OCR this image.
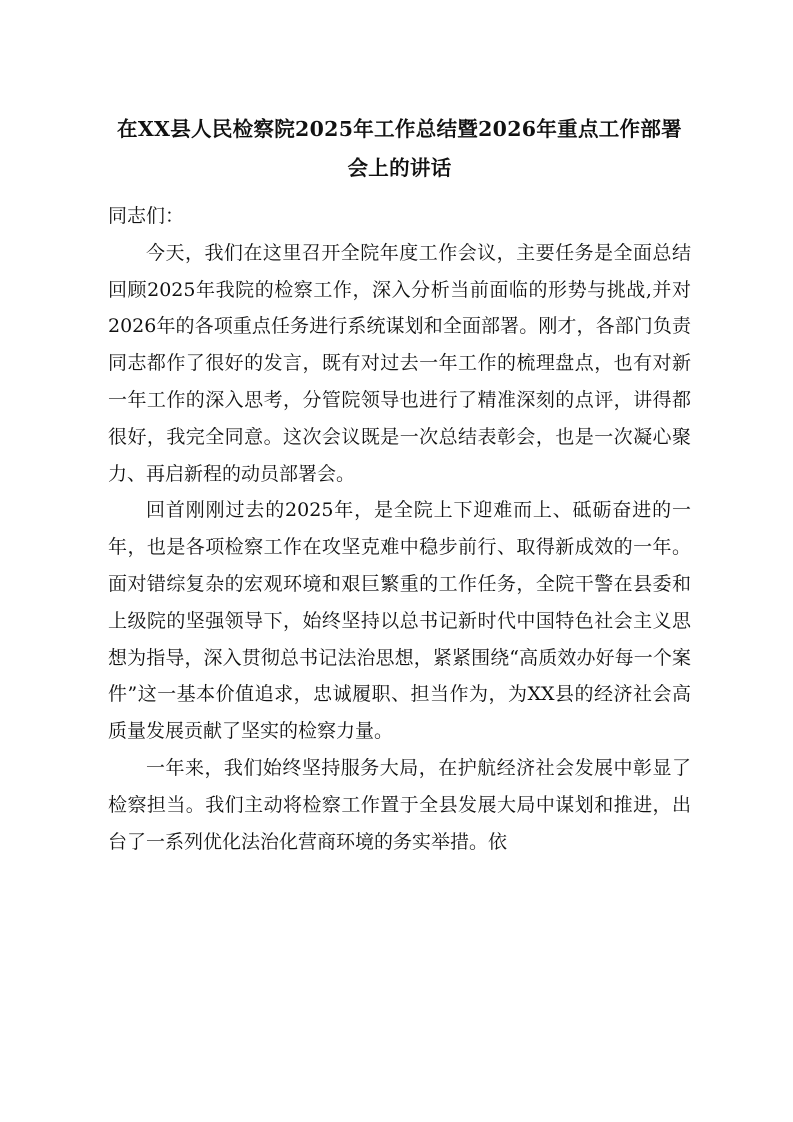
在XX县人民检察院2025年工作总结暨2026年重点工作部署会上的讲话

同志们：

今天，我们在这里召开全院年度工作会议，主要任务是全面总结回顾2025年我院的检察工作，深入分析当前面临的形势与挑战,并对2026年的各项重点任务进行系统谋划和全面部署。刚才，各部门负责同志都作了很好的发言，既有对过去一年工作的梳理盘点，也有对新一年工作的深入思考，分管院领导也进行了精准深刻的点评，讲得都很好，我完全同意。这次会议既是一次总结表彰会，也是一次凝心聚力、再启新程的动员部署会。

回首刚刚过去的2025年，是全院上下迎难而上、砥砺奋进的一年，也是各项检察工作在攻坚克难中稳步前行、取得新成效的一年。面对错综复杂的宏观环境和艰巨繁重的工作任务，全院干警在县委和上级院的坚强领导下，始终坚持以总书记新时代中国特色社会主义思想为指导，深入贯彻总书记法治思想，紧紧围绕“高质效办好每一个案件”这一基本价值追求，忠诚履职、担当作为，为XX县的经济社会高质量发展贡献了坚实的检察力量。

一年来，我们始终坚持服务大局，在护航经济社会发展中彰显了检察担当。我们主动将检察工作置于全县发展大局中谋划和推进，出台了一系列优化法治化营商环境的务实举措。依
